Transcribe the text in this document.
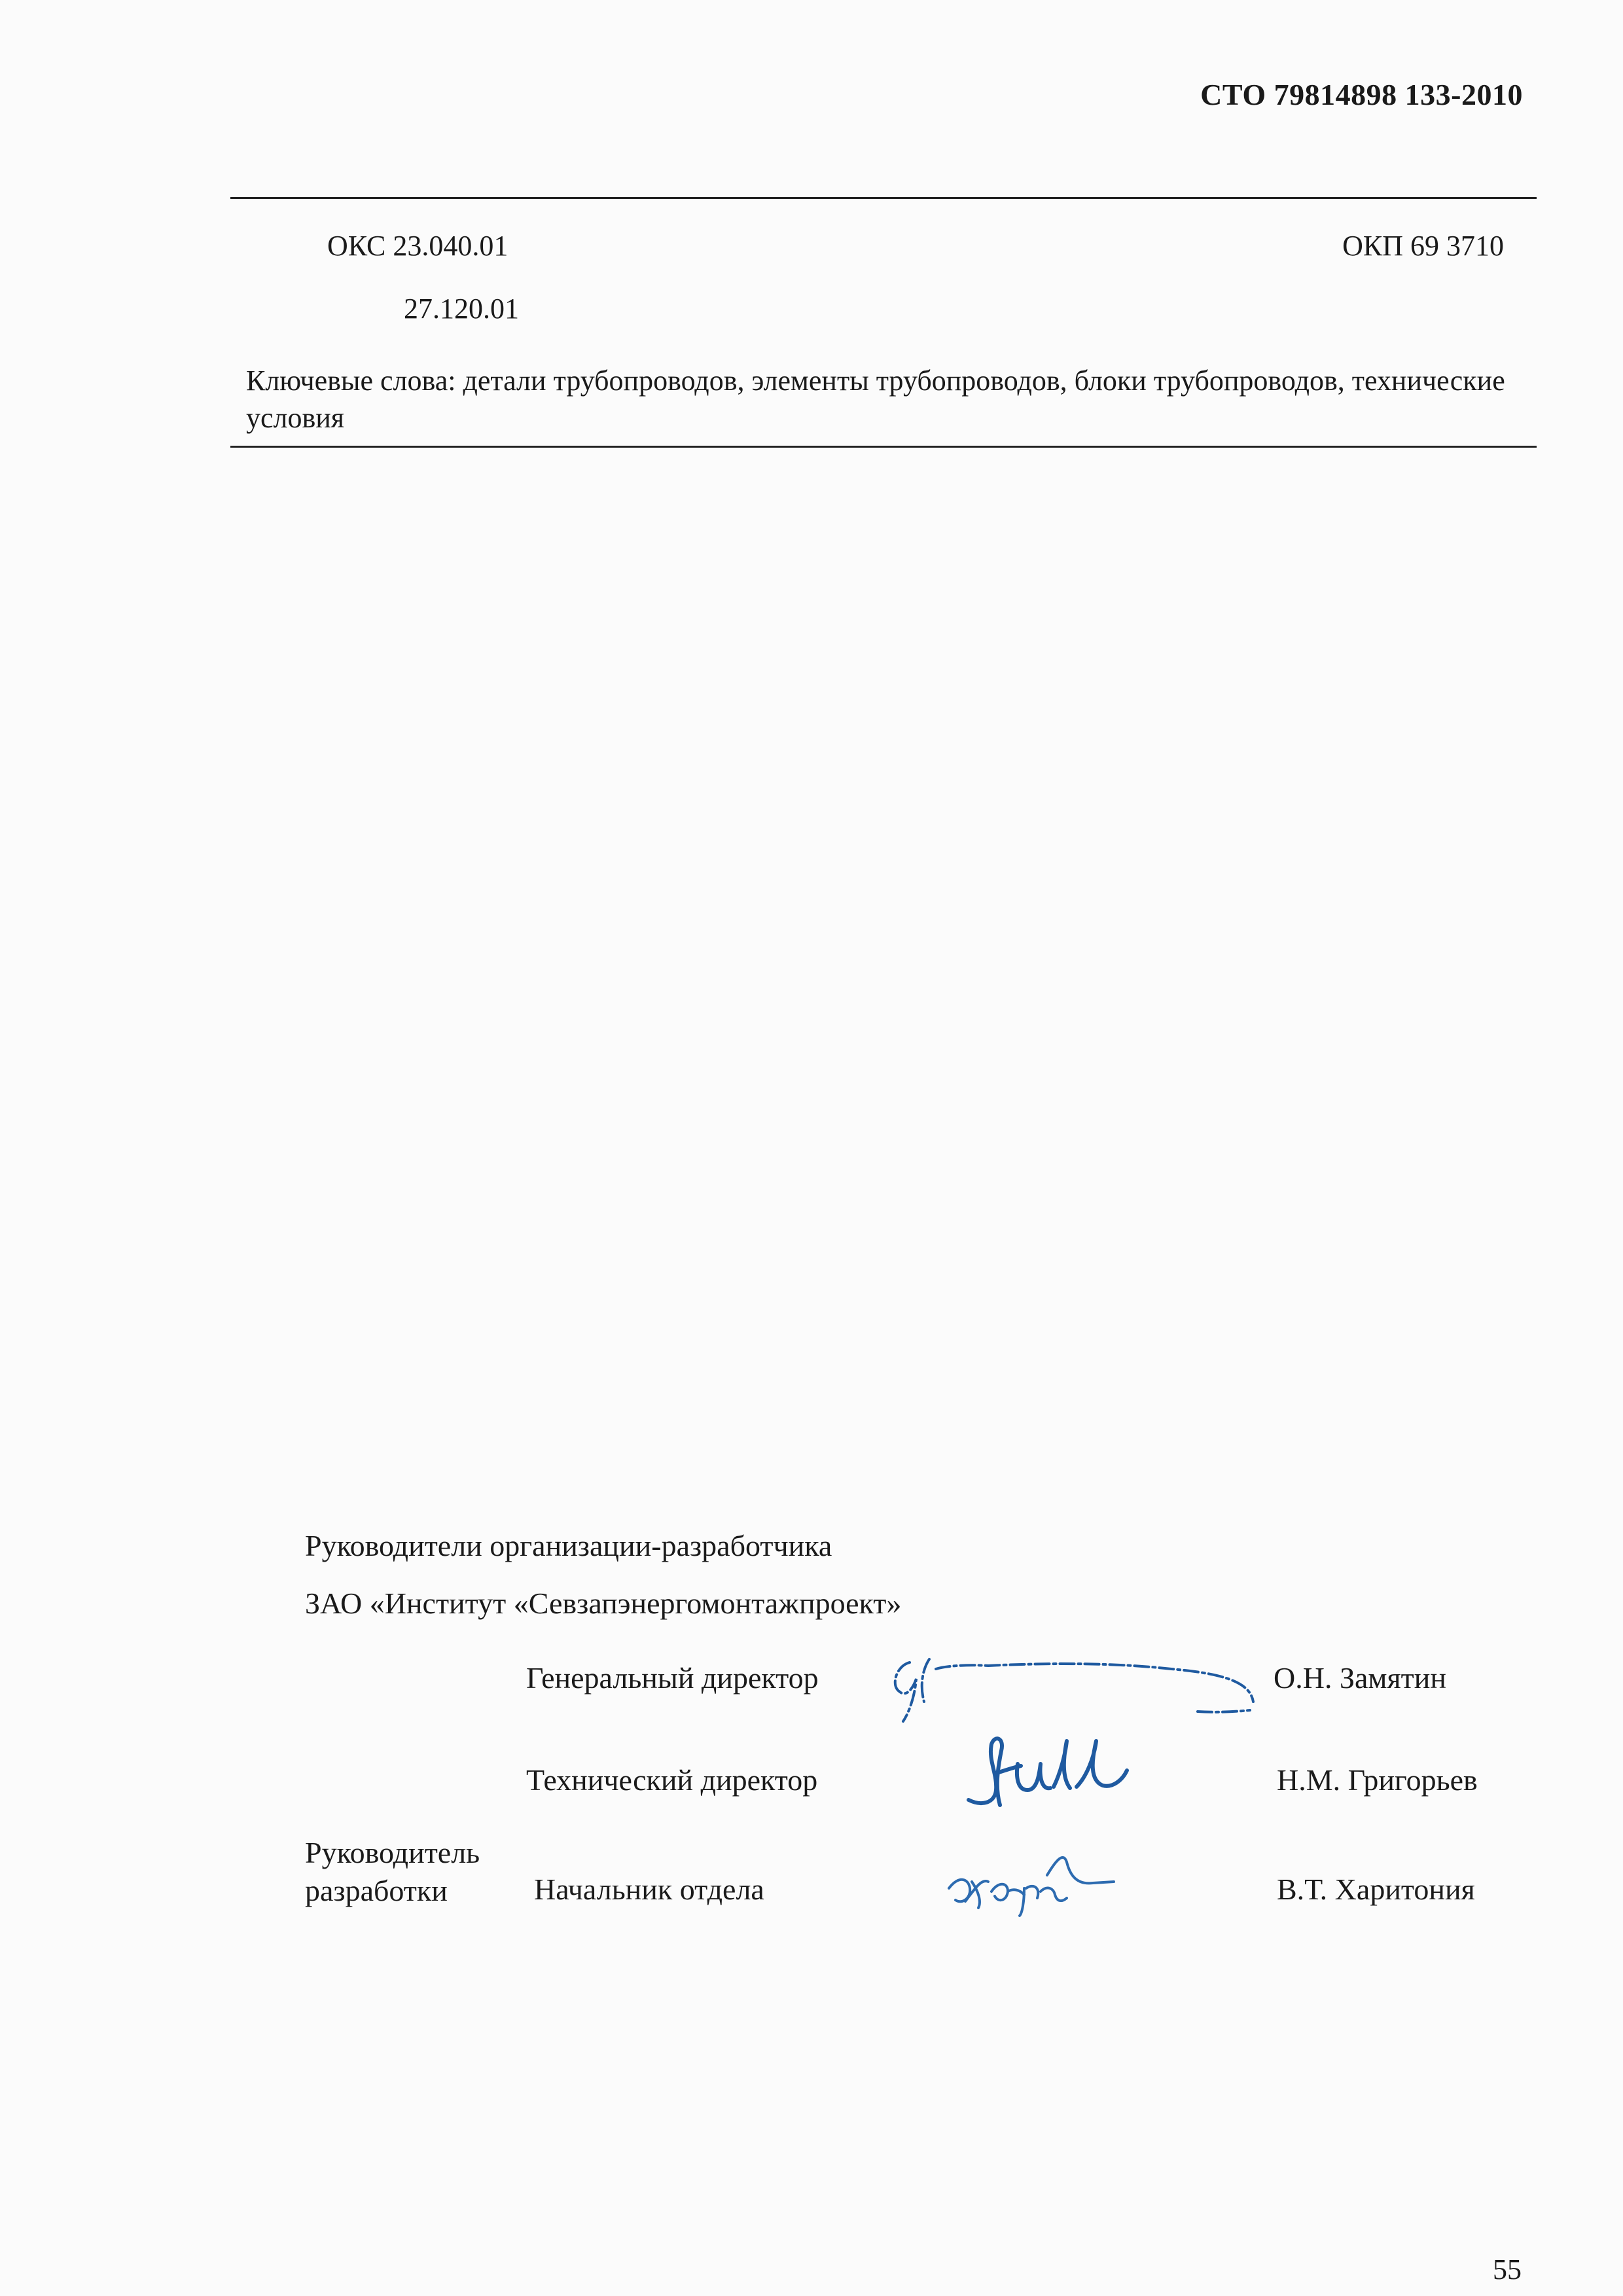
СТО 79814898 133-2010
ОКС 23.040.01	ОКП 69 3710
27.120.01
Ключевые слова: детали трубопроводов, элементы трубопроводов, блоки трубопроводов, технические условия
Руководители организации-разработчика
ЗАО «Институт «Севзапэнергомонтажпроект»
Генеральный директор	О.Н. Замятин
Технический директор	Н.М. Григорьев
Руководитель разработки	Начальник отдела	В.Т. Харитония
55
